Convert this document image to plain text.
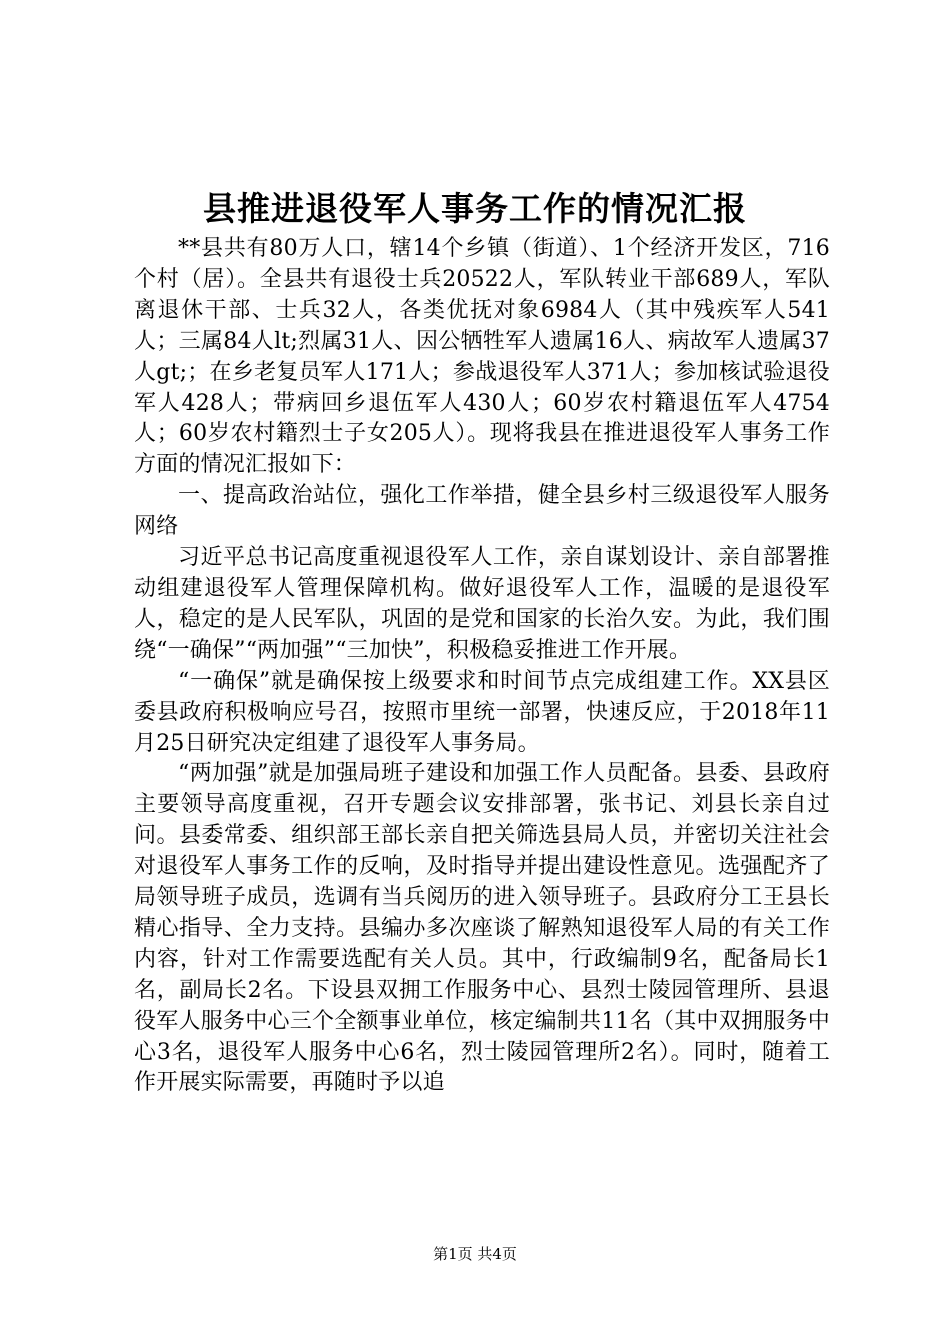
县推进退役军人事务工作的情况汇报

**县共有80万人口，辖14个乡镇（街道）、1个经济开发区，716个村（居）。全县共有退役士兵20522人，军队转业干部689人，军队离退休干部、士兵32人，各类优抚对象6984人（其中残疾军人541人；三属84人lt;烈属31人、因公牺牲军人遗属16人、病故军人遗属37人gt;；在乡老复员军人171人；参战退役军人371人；参加核试验退役军人428人；带病回乡退伍军人430人；60岁农村籍退伍军人4754人；60岁农村籍烈士子女205人）。现将我县在推进退役军人事务工作方面的情况汇报如下：

一、提高政治站位，强化工作举措，健全县乡村三级退役军人服务网络

习近平总书记高度重视退役军人工作，亲自谋划设计、亲自部署推动组建退役军人管理保障机构。做好退役军人工作，温暖的是退役军人，稳定的是人民军队，巩固的是党和国家的长治久安。为此，我们围绕“一确保”“两加强”“三加快”，积极稳妥推进工作开展。

“一确保”就是确保按上级要求和时间节点完成组建工作。XX县区委县政府积极响应号召，按照市里统一部署，快速反应，于2018年11月25日研究决定组建了退役军人事务局。

“两加强”就是加强局班子建设和加强工作人员配备。县委、县政府主要领导高度重视，召开专题会议安排部署，张书记、刘县长亲自过问。县委常委、组织部王部长亲自把关筛选县局人员，并密切关注社会对退役军人事务工作的反响，及时指导并提出建设性意见。选强配齐了局领导班子成员，选调有当兵阅历的进入领导班子。县政府分工王县长精心指导、全力支持。县编办多次座谈了解熟知退役军人局的有关工作内容，针对工作需要选配有关人员。其中，行政编制9名，配备局长1名，副局长2名。下设县双拥工作服务中心、县烈士陵园管理所、县退役军人服务中心三个全额事业单位，核定编制共11名（其中双拥服务中心3名，退役军人服务中心6名，烈士陵园管理所2名）。同时，随着工作开展实际需要，再随时予以追

第1页 共4页
